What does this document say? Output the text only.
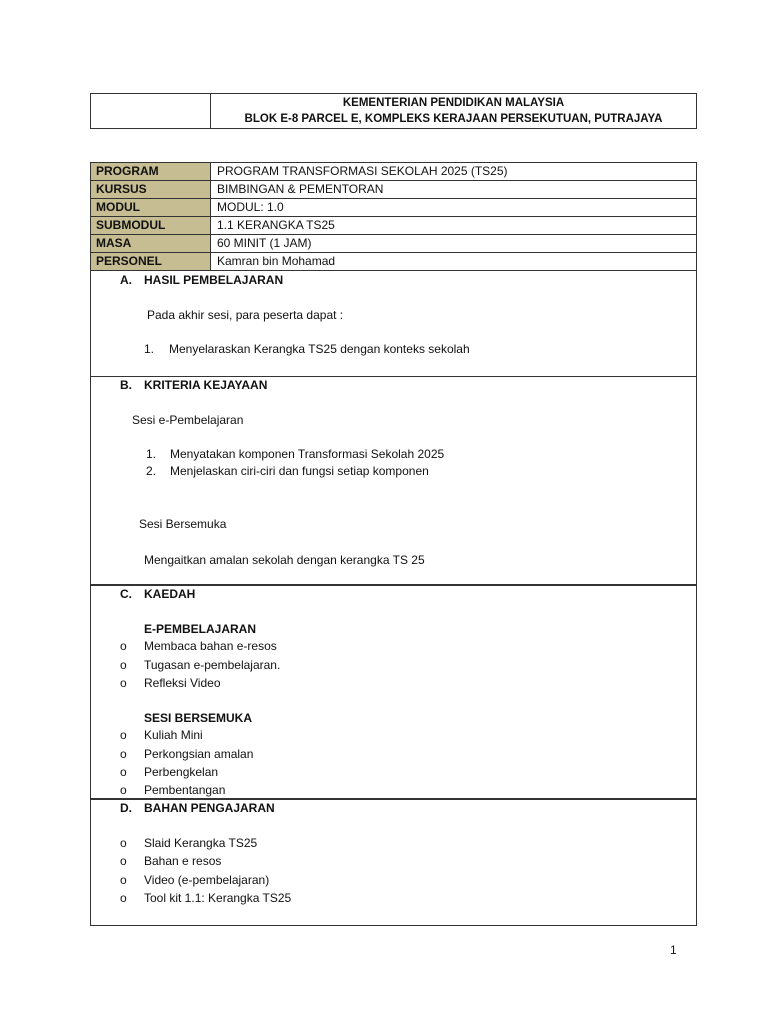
KEMENTERIAN PENDIDIKAN MALAYSIA
BLOK E-8 PARCEL E, KOMPLEKS KERAJAAN PERSEKUTUAN, PUTRAJAYA
PROGRAM	PROGRAM TRANSFORMASI SEKOLAH 2025 (TS25)
KURSUS	BIMBINGAN & PEMENTORAN
MODUL	MODUL: 1.0
SUBMODUL	1.1 KERANGKA TS25
MASA	60 MINIT (1 JAM)
PERSONEL	Kamran bin Mohamad
A. HASIL PEMBELAJARAN
Pada akhir sesi, para peserta dapat :
1. Menyelaraskan Kerangka TS25 dengan konteks sekolah
B. KRITERIA KEJAYAAN
Sesi e-Pembelajaran
1. Menyatakan komponen Transformasi Sekolah 2025
2. Menjelaskan ciri-ciri dan fungsi setiap komponen
Sesi Bersemuka
Mengaitkan amalan sekolah dengan kerangka TS 25
C. KAEDAH
E-PEMBELAJARAN
o Membaca bahan e-resos
o Tugasan e-pembelajaran.
o Refleksi Video
SESI BERSEMUKA
o Kuliah Mini
o Perkongsian amalan
o Perbengkelan
o Pembentangan
D. BAHAN PENGAJARAN
o Slaid Kerangka TS25
o Bahan e resos
o Video (e-pembelajaran)
o Tool kit 1.1: Kerangka TS25
1
